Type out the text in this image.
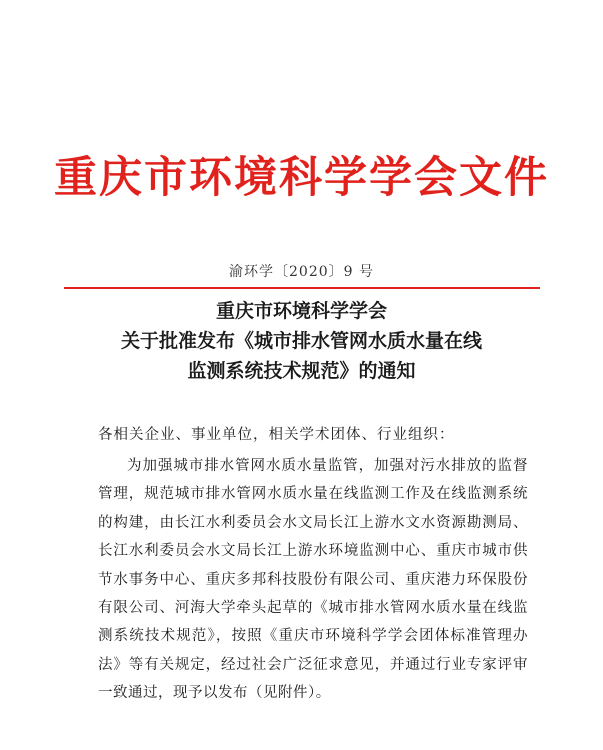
重庆市环境科学学会文件
渝环学〔2020〕9 号
重庆市环境科学学会
关于批准发布《城市排水管网水质水量在线
监测系统技术规范》的通知
各相关企业、事业单位，相关学术团体、行业组织：
为加强城市排水管网水质水量监管，加强对污水排放的监督管理，规范城市排水管网水质水量在线监测工作及在线监测系统的构建，由长江水利委员会水文局长江上游水文水资源勘测局、长江水利委员会水文局长江上游水环境监测中心、重庆市城市供节水事务中心、重庆多邦科技股份有限公司、重庆港力环保股份有限公司、河海大学牵头起草的《城市排水管网水质水量在线监测系统技术规范》，按照《重庆市环境科学学会团体标准管理办法》等有关规定，经过社会广泛征求意见，并通过行业专家评审一致通过，现予以发布（见附件）。
